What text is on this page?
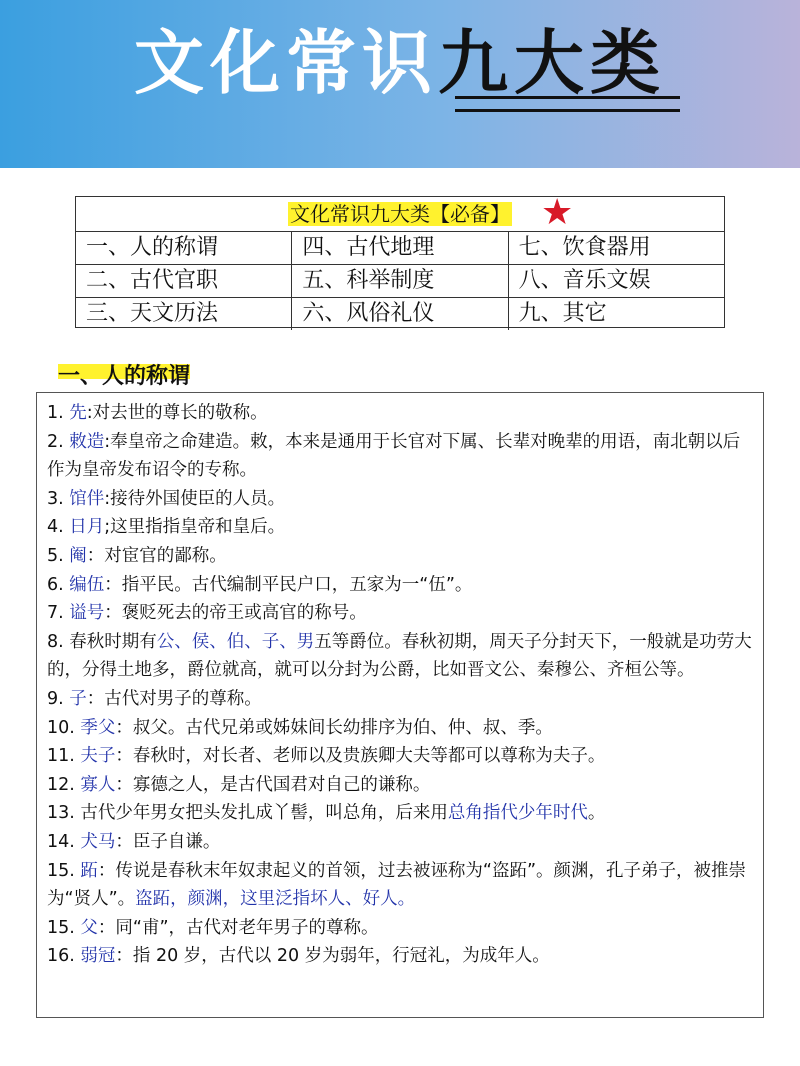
文化常识九大类
文化常识九大类【必备】 ★
一、人的称谓	四、古代地理	七、饮食器用
二、古代官职	五、科举制度	八、音乐文娱
三、天文历法	六、风俗礼仪	九、其它
一、人的称谓

1. 先:对去世的尊长的敬称。

2. 敕造:奉皇帝之命建造。敕，本来是通用于长官对下属、长辈对晚辈的用语，南北朝以后作为皇帝发布诏令的专称。

3. 馆伴:接待外国使臣的人员。

4. 日月;这里指指皇帝和皇后。

5. 阉：对宦官的鄙称。

6. 编伍：指平民。古代编制平民户口，五家为一“伍”。

7. 谥号：褒贬死去的帝王或高官的称号。

8. 春秋时期有公、侯、伯、子、男五等爵位。春秋初期，周天子分封天下，一般就是功劳大的，分得土地多，爵位就高，就可以分封为公爵，比如晋文公、秦穆公、齐桓公等。

9. 子：古代对男子的尊称。

10. 季父：叔父。古代兄弟或姊妹间长幼排序为伯、仲、叔、季。

11. 夫子：春秋时，对长者、老师以及贵族卿大夫等都可以尊称为夫子。

12. 寡人：寡德之人，是古代国君对自己的谦称。

13. 古代少年男女把头发扎成丫髻，叫总角，后来用总角指代少年时代。

14. 犬马：臣子自谦。

15. 跖：传说是春秋末年奴隶起义的首领，过去被诬称为“盗跖”。颜渊，孔子弟子，被推崇为“贤人”。盗跖，颜渊，这里泛指坏人、好人。

15. 父：同“甫”，古代对老年男子的尊称。

16. 弱冠：指 20 岁，古代以 20 岁为弱年，行冠礼，为成年人。
